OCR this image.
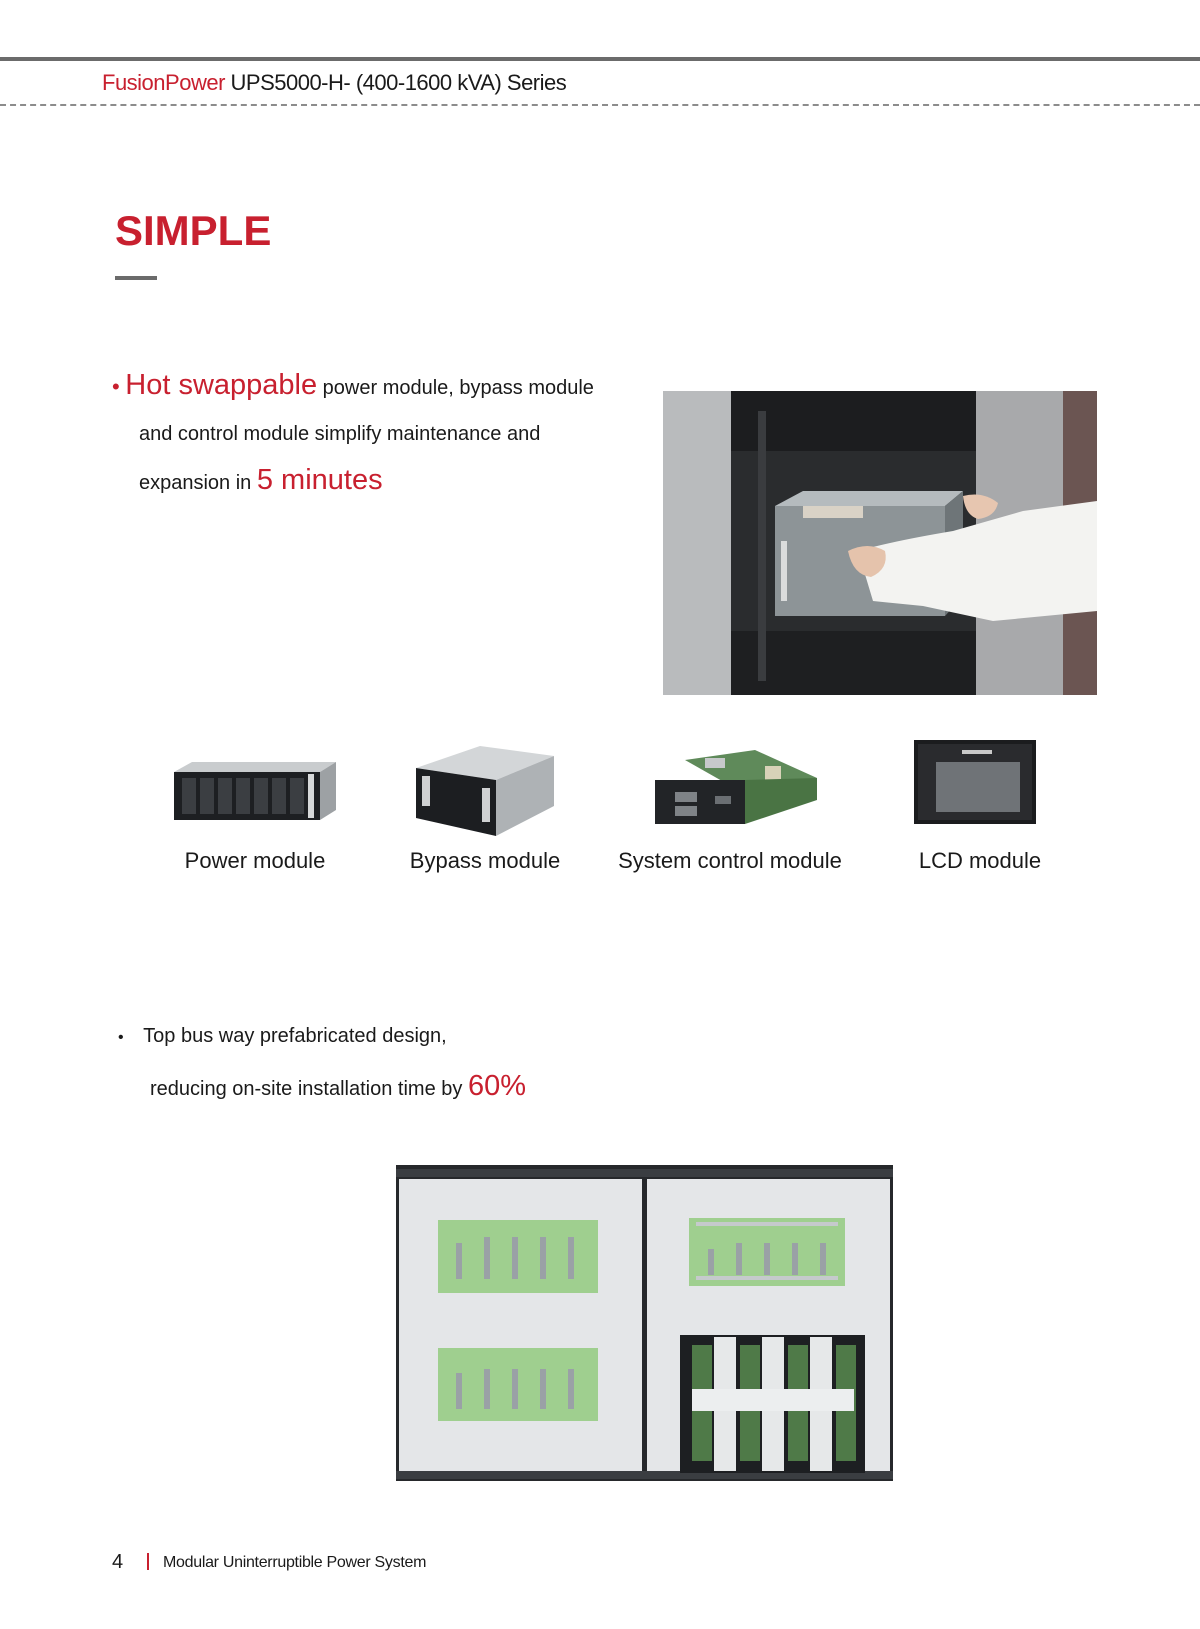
FusionPower UPS5000-H- (400-1600 kVA) Series
SIMPLE
• Hot swappable power module, bypass module
and control module simplify maintenance and
expansion in 5 minutes
Power module	Bypass module	System control module	LCD module
• Top bus way prefabricated design,
reducing on-site installation time by 60%
4 Modular Uninterruptible Power System
